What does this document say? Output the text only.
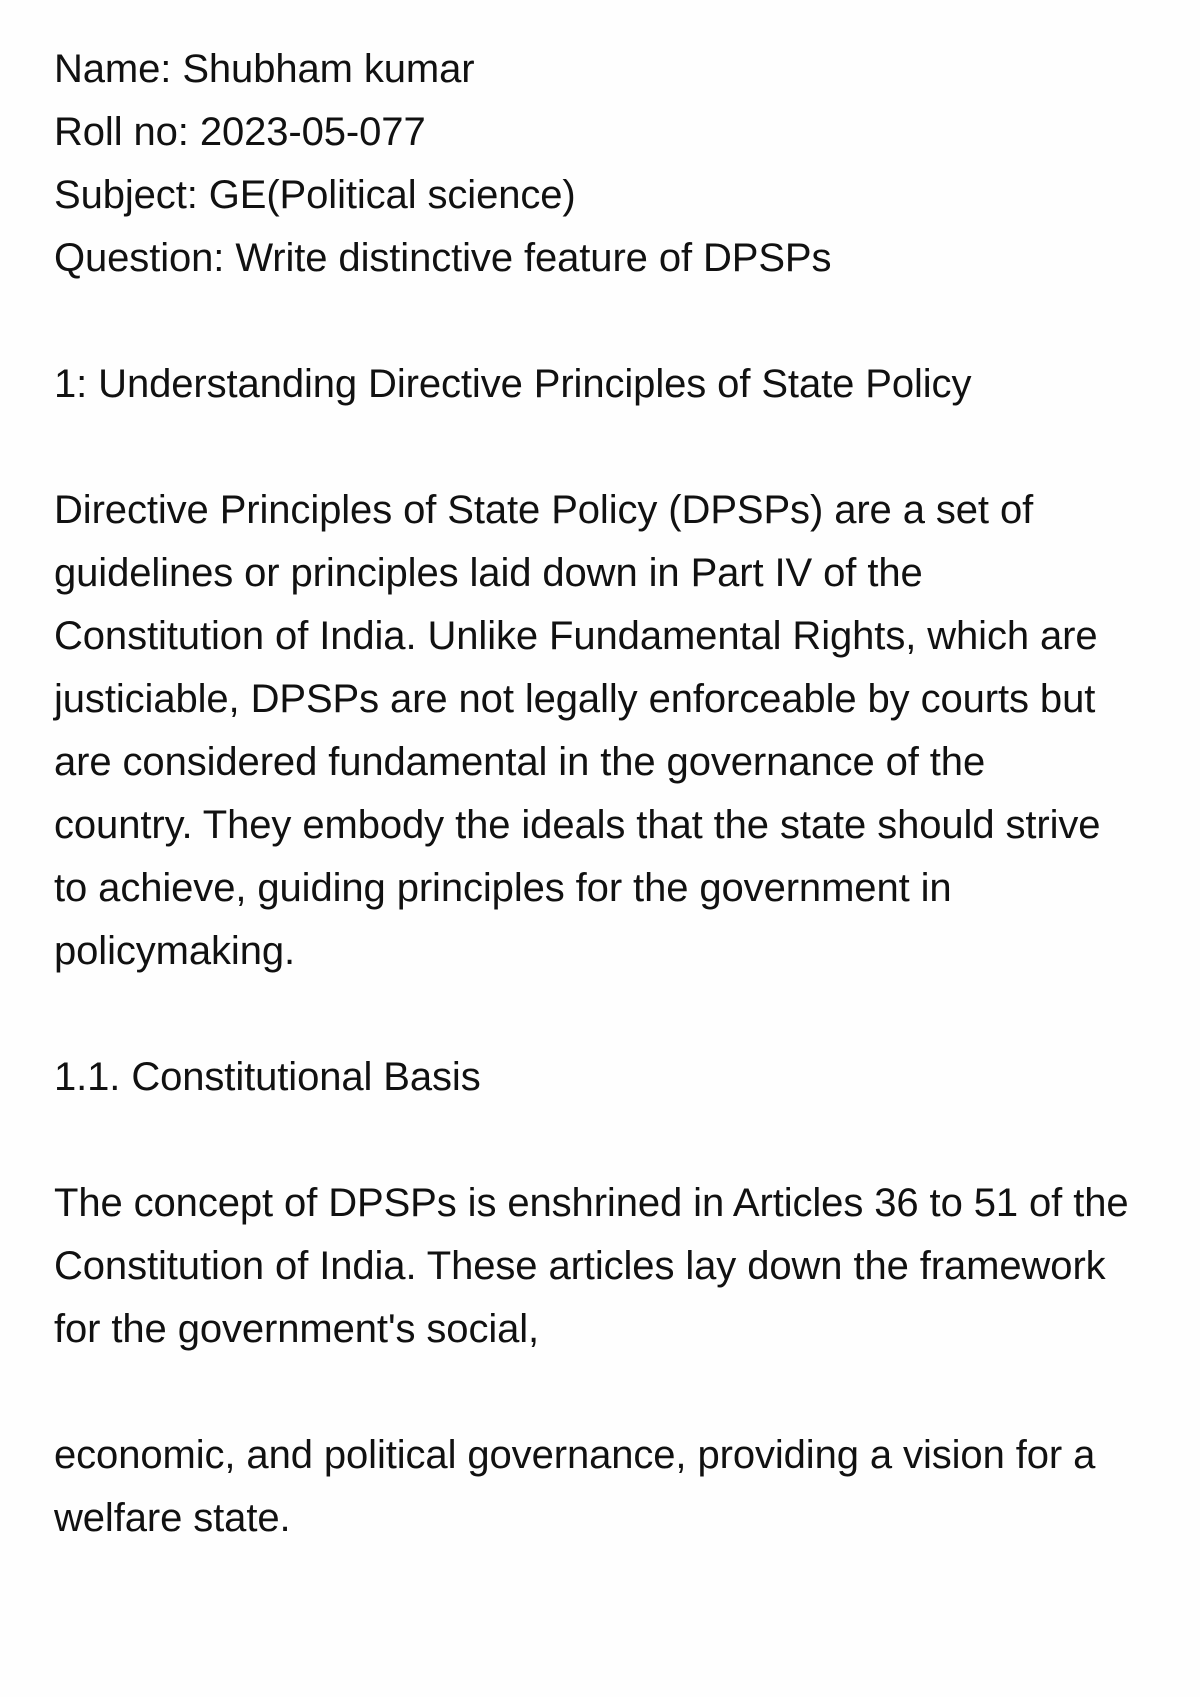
Name: Shubham kumar
Roll no: 2023-05-077
Subject: GE(Political science)
Question: Write distinctive feature of DPSPs
1: Understanding Directive Principles of State Policy
Directive Principles of State Policy (DPSPs) are a set of
guidelines or principles laid down in Part IV of the
Constitution of India. Unlike Fundamental Rights, which are
justiciable, DPSPs are not legally enforceable by courts but
are considered fundamental in the governance of the
country. They embody the ideals that the state should strive
to achieve, guiding principles for the government in
policymaking.
1.1. Constitutional Basis
The concept of DPSPs is enshrined in Articles 36 to 51 of the
Constitution of India. These articles lay down the framework
for the government's social,
economic, and political governance, providing a vision for a
welfare state.
